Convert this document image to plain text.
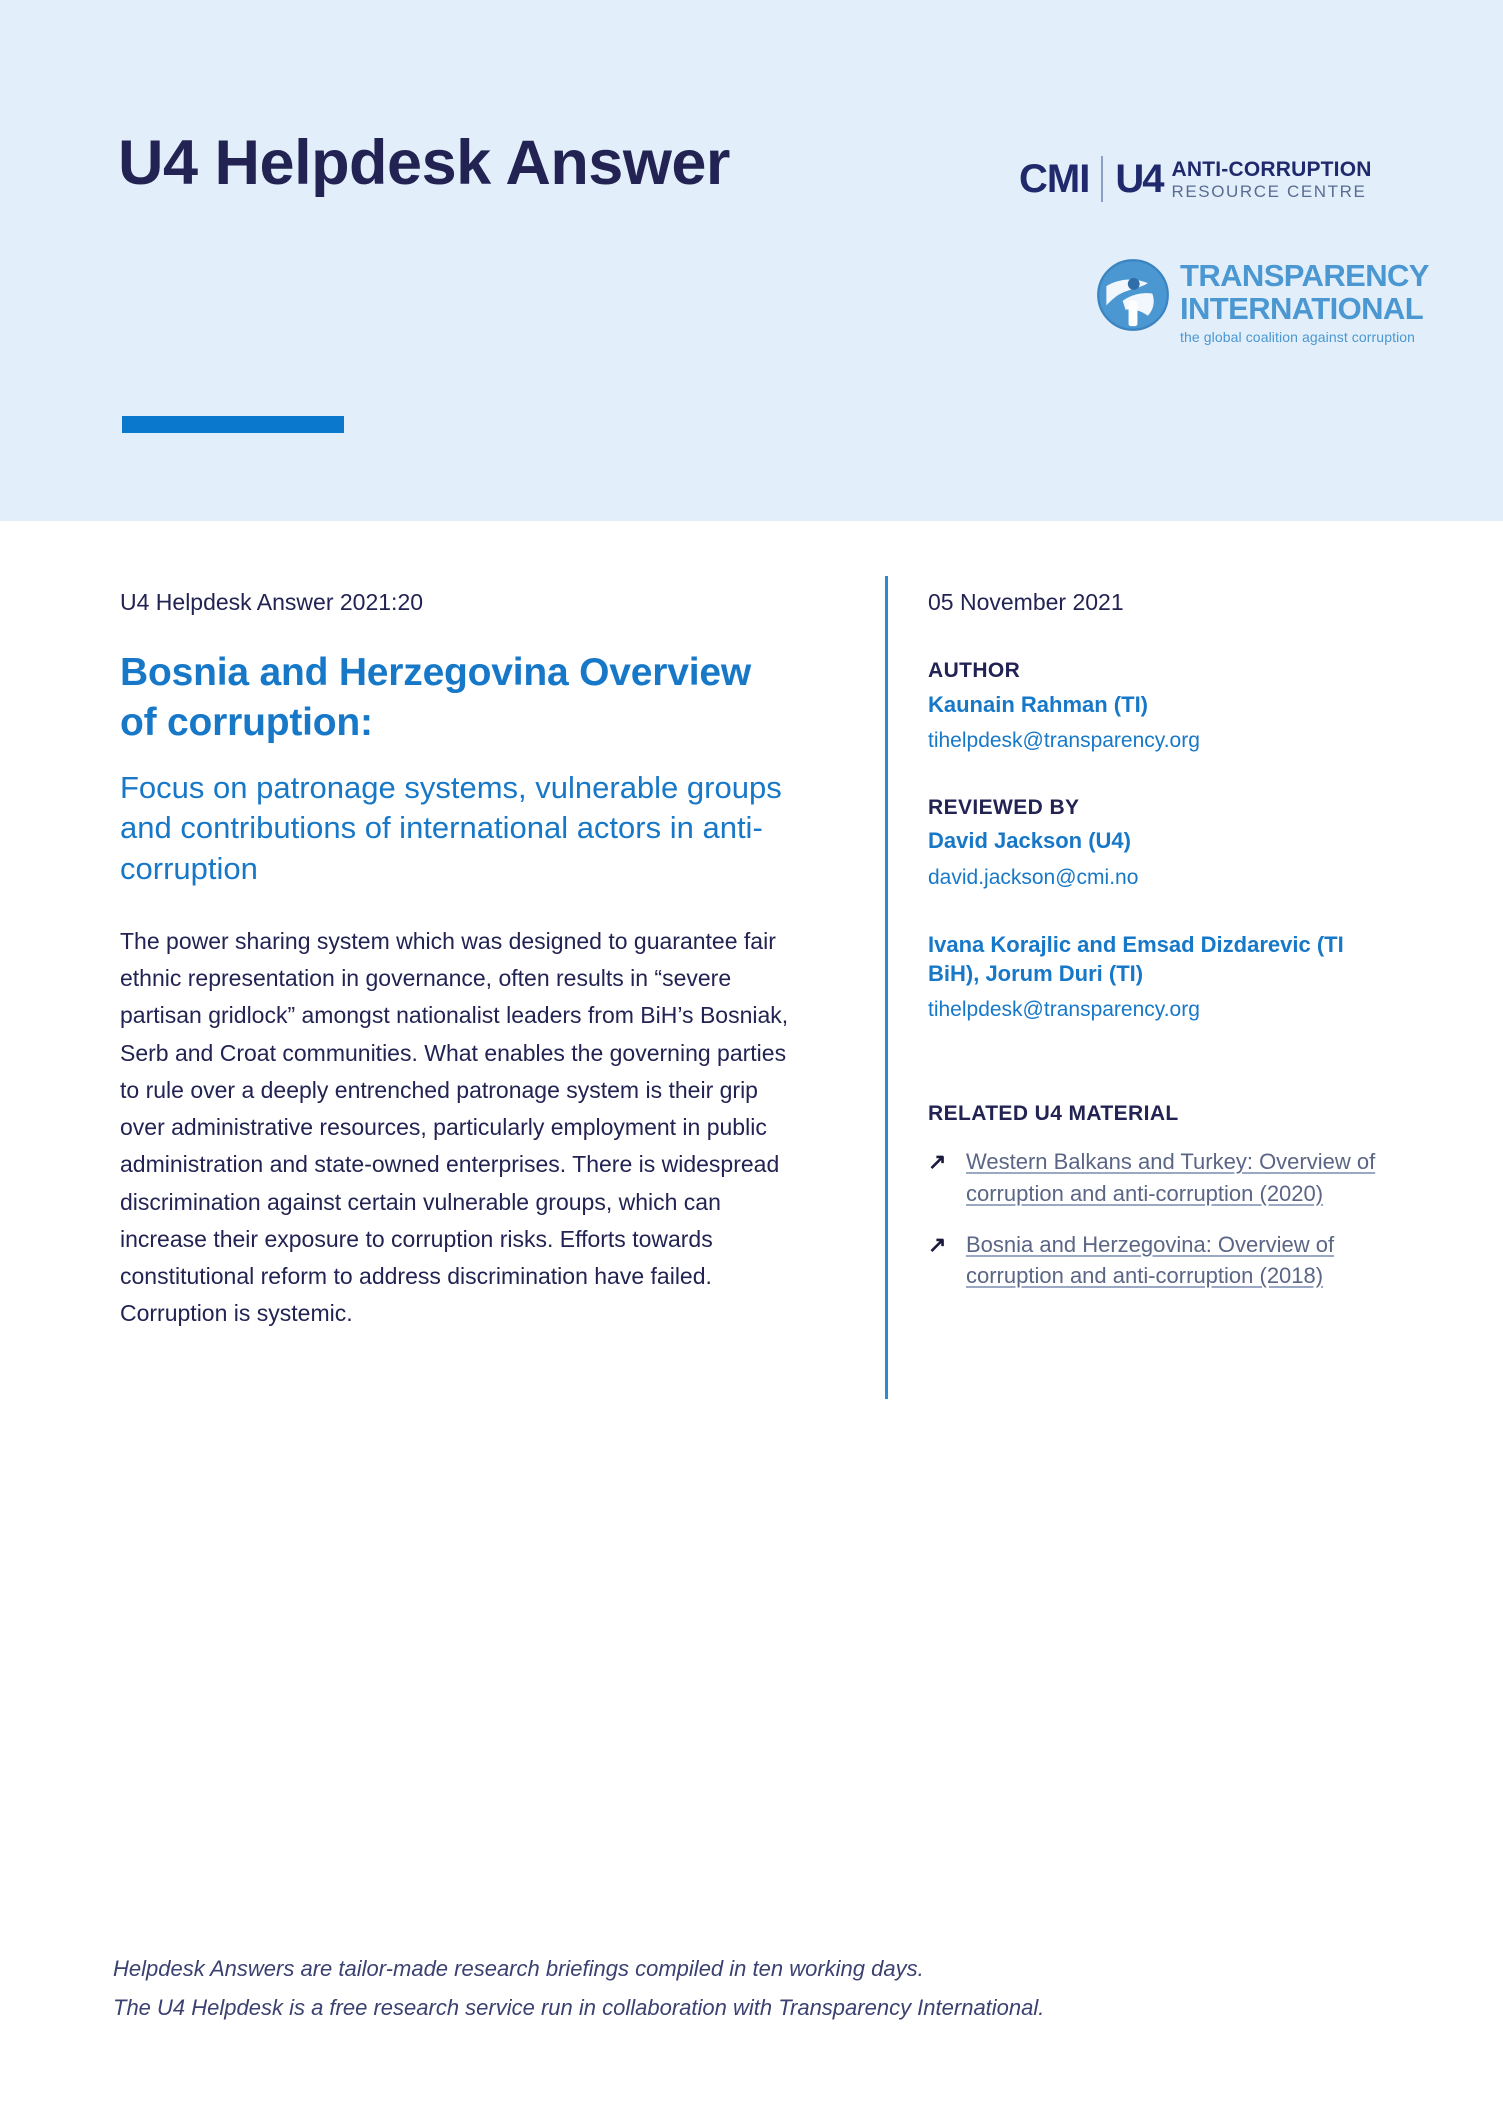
U4 Helpdesk Answer	CMI U4 ANTI-CORRUPTION
RESOURCE CENTRE
TRANSPARENCY
INTERNATIONAL
the global coalition against corruption
U4 Helpdesk Answer 2021:20
Bosnia and Herzegovina Overview of corruption:
Focus on patronage systems, vulnerable groups and contributions of international actors in anti-corruption
The power sharing system which was designed to guarantee fair ethnic representation in governance, often results in “severe partisan gridlock” amongst nationalist leaders from BiH’s Bosniak, Serb and Croat communities. What enables the governing parties to rule over a deeply entrenched patronage system is their grip over administrative resources, particularly employment in public administration and state-owned enterprises. There is widespread discrimination against certain vulnerable groups, which can increase their exposure to corruption risks. Efforts towards constitutional reform to address discrimination have failed. Corruption is systemic.
05 November 2021
AUTHOR
Kaunain Rahman (TI)
tihelpdesk@transparency.org
REVIEWED BY
David Jackson (U4)
david.jackson@cmi.no
Ivana Korajlic and Emsad Dizdarevic (TI BiH), Jorum Duri (TI)
tihelpdesk@transparency.org
RELATED U4 MATERIAL
↗ Western Balkans and Turkey: Overview of corruption and anti-corruption (2020)
↗ Bosnia and Herzegovina: Overview of corruption and anti-corruption (2018)
Helpdesk Answers are tailor-made research briefings compiled in ten working days.
The U4 Helpdesk is a free research service run in collaboration with Transparency International.
